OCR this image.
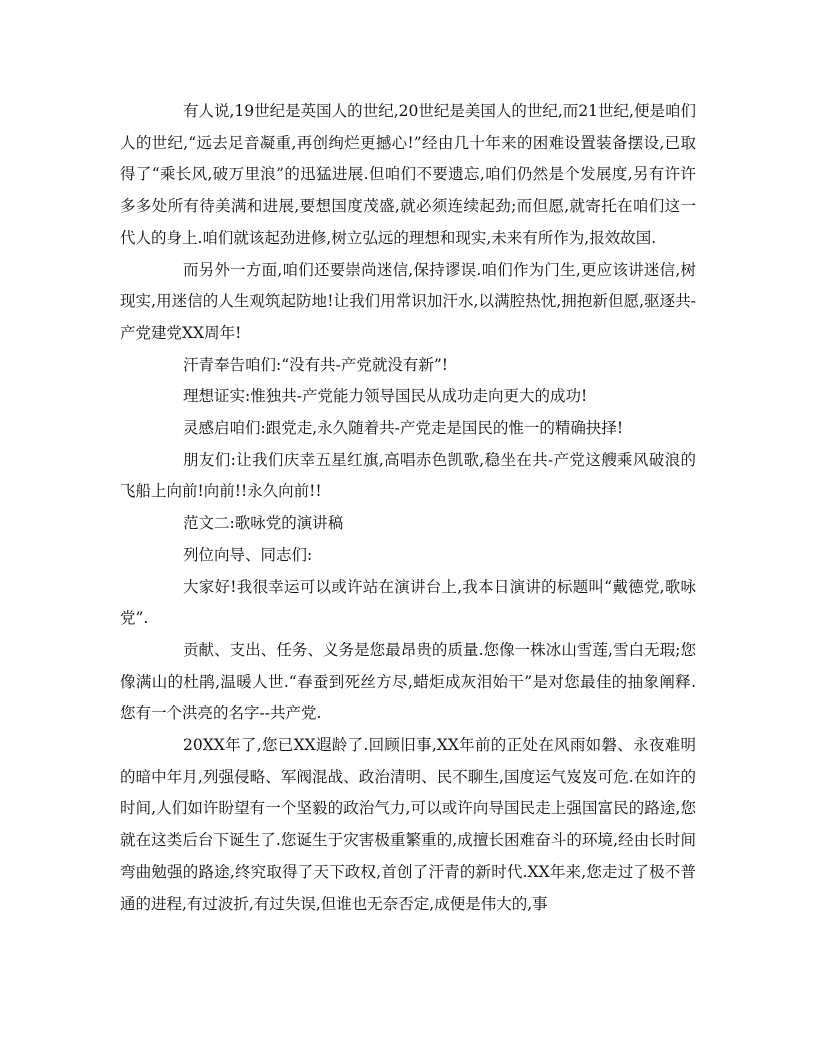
有人说,19世纪是英国人的世纪,20世纪是美国人的世纪,而21世纪,便是咱们人的世纪,“远去足音凝重,再创绚烂更撼心!”经由几十年来的困难设置装备摆设,已取得了“乘长风,破万里浪”的迅猛进展.但咱们不要遗忘,咱们仍然是个发展度,另有许许多多处所有待美满和进展,要想国度茂盛,就必须连续起劲;而但愿,就寄托在咱们这一代人的身上.咱们就该起劲进修,树立弘远的理想和现实,未来有所作为,报效故国.

而另外一方面,咱们还要崇尚迷信,保持谬误.咱们作为门生,更应该讲迷信,树现实,用迷信的人生观筑起防地!让我们用常识加汗水,以满腔热忱,拥抱新但愿,驱逐共-产党建党XX周年!

汗青奉告咱们:“没有共-产党就没有新”!

理想证实:惟独共-产党能力领导国民从成功走向更大的成功!

灵感启咱们:跟党走,永久随着共-产党走是国民的惟一的精确抉择!

朋友们:让我们庆幸五星红旗,高唱赤色凯歌,稳坐在共-产党这艘乘风破浪的飞船上向前!向前!!永久向前!!

范文二:歌咏党的演讲稿

列位向导、同志们:

大家好!我很幸运可以或许站在演讲台上,我本日演讲的标题叫“戴德党,歌咏党”.

贡献、支出、任务、义务是您最昂贵的质量.您像一株冰山雪莲,雪白无瑕;您像满山的杜鹃,温暖人世.“春蚕到死丝方尽,蜡炬成灰泪始干”是对您最佳的抽象阐释.您有一个洪亮的名字--共产党.

20XX年了,您已XX遐龄了.回顾旧事,XX年前的正处在风雨如磐、永夜难明的暗中年月,列强侵略、军阀混战、政治清明、民不聊生,国度运气岌岌可危.在如许的时间,人们如许盼望有一个坚毅的政治气力,可以或许向导国民走上强国富民的路途,您就在这类后台下诞生了.您诞生于灾害极重繁重的,成擅长困难奋斗的环境,经由长时间弯曲勉强的路途,终究取得了天下政权,首创了汗青的新时代.XX年来,您走过了极不普通的进程,有过波折,有过失误,但谁也无奈否定,成便是伟大的,事
